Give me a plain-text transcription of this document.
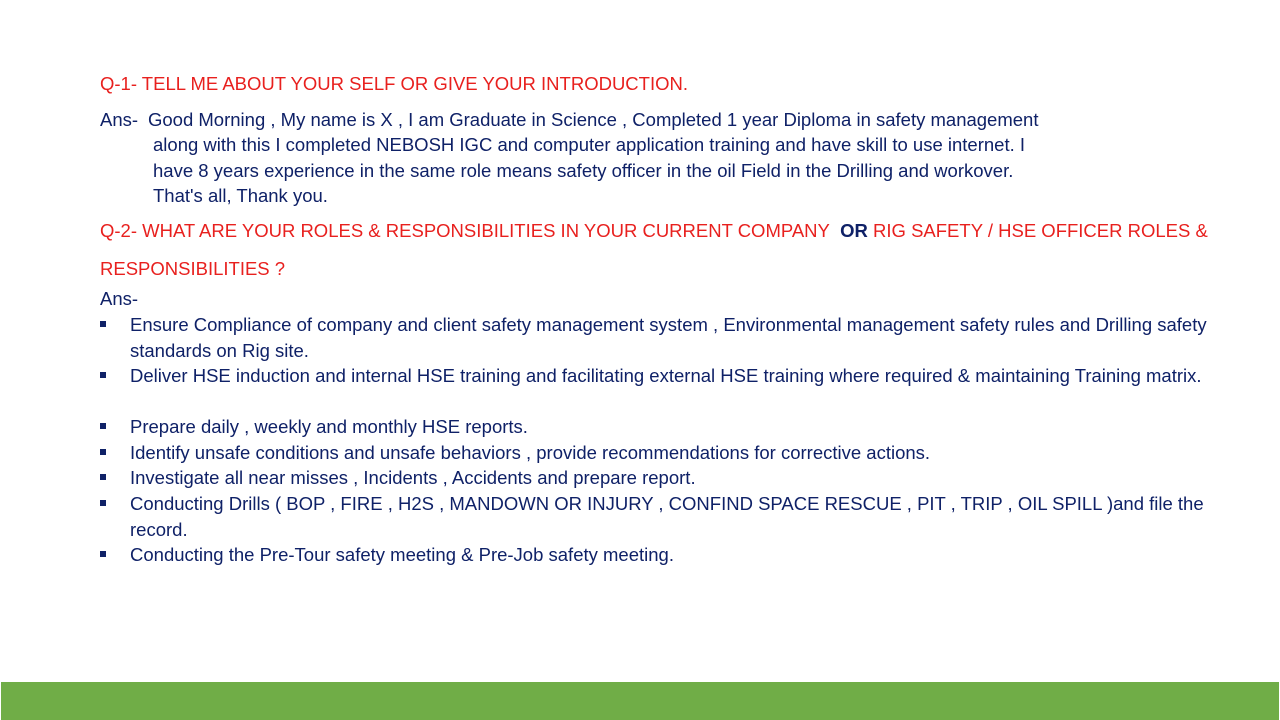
Q-1- TELL ME ABOUT YOUR SELF OR GIVE YOUR INTRODUCTION.
Ans- Good Morning , My name is X , I am Graduate in Science , Completed 1 year Diploma in safety management
along with this I completed NEBOSH IGC and computer application training and have skill to use internet. I
have 8 years experience in the same role means safety officer in the oil Field in the Drilling and workover.
That's all, Thank you.
Q-2- WHAT ARE YOUR ROLES & RESPONSIBILITIES IN YOUR CURRENT COMPANY OR RIG SAFETY / HSE OFFICER ROLES &
RESPONSIBILITIES ?
Ans-
Ensure Compliance of company and client safety management system , Environmental management safety rules and Drilling safety standards on Rig site.
Deliver HSE induction and internal HSE training and facilitating external HSE training where required & maintaining Training matrix.
Prepare daily , weekly and monthly HSE reports.
Identify unsafe conditions and unsafe behaviors , provide recommendations for corrective actions.
Investigate all near misses , Incidents , Accidents and prepare report.
Conducting Drills ( BOP , FIRE , H2S , MANDOWN OR INJURY , CONFIND SPACE RESCUE , PIT , TRIP , OIL SPILL )and file the record.
Conducting the Pre-Tour safety meeting & Pre-Job safety meeting.
